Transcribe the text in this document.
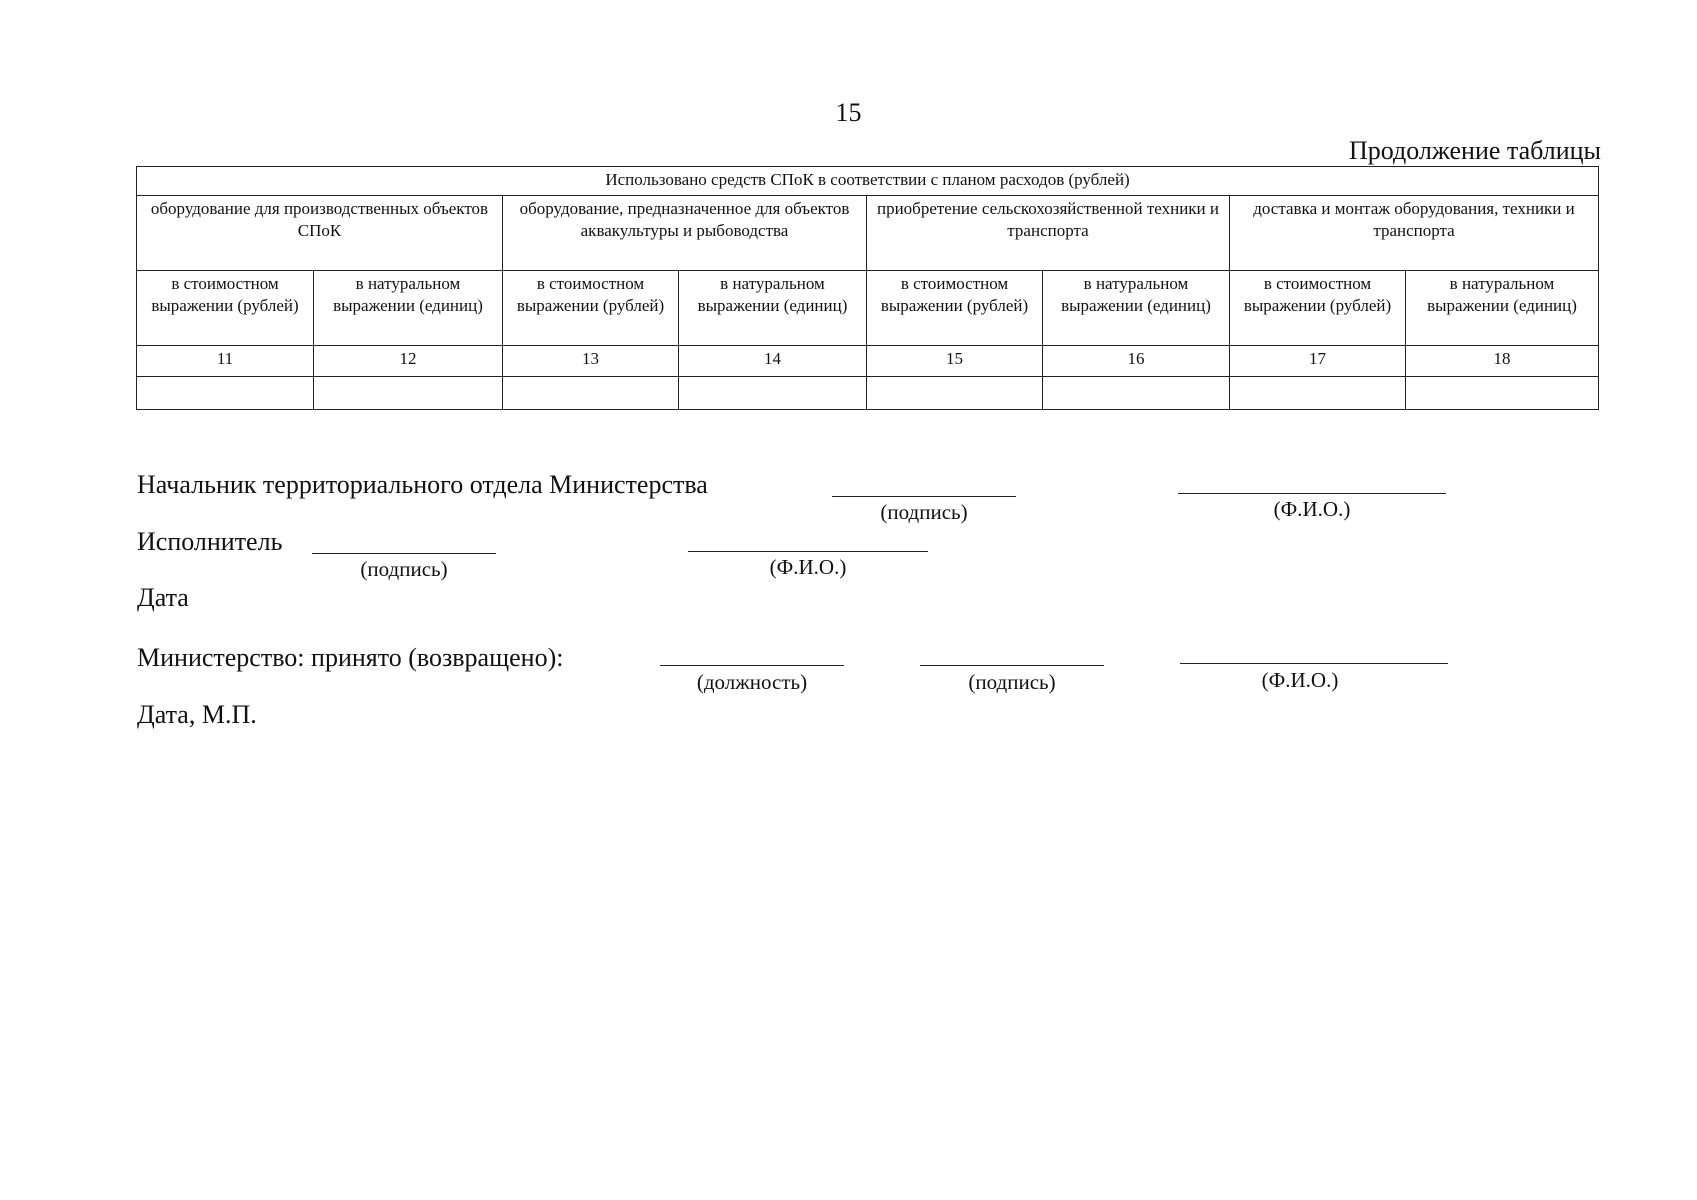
15
Продолжение таблицы
Использовано средств СПоК в соответствии с планом расходов (рублей)							
оборудование для производственных объектов СПоК		оборудование, предназначенное для объектов аквакультуры и рыбоводства		приобретение сельскохозяйственной техники и транспорта		доставка и монтаж оборудования, техники и транспорта	
в стоимостном выражении (рублей)	в натуральном выражении (единиц)	в стоимостном выражении (рублей)	в натуральном выражении (единиц)	в стоимостном выражении (рублей)	в натуральном выражении (единиц)	в стоимостном выражении (рублей)	в натуральном выражении (единиц)
11	12	13	14	15	16	17	18

Начальник территориального отдела Министерства
(подпись)	(Ф.И.О.)
Исполнитель
(подпись)	(Ф.И.О.)
Дата
Министерство: принято (возвращено):
(должность)	(подпись)	(Ф.И.О.)
Дата, М.П.
